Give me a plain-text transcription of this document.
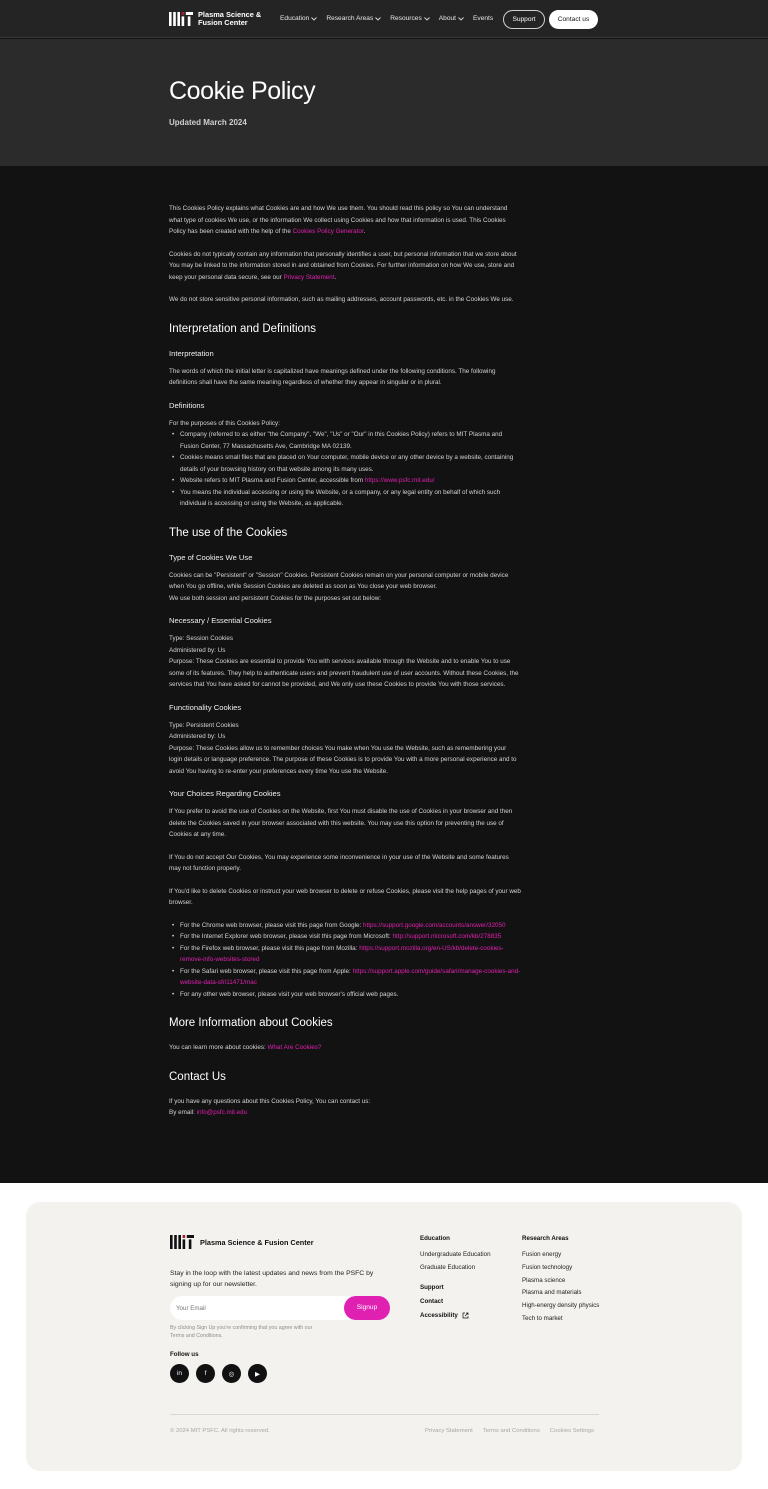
Plasma Science & Fusion Center	Education	Research Areas	Resources	About	Events	Support	Contact us
Cookie Policy
Updated March 2024

This Cookies Policy explains what Cookies are and how We use them. You should read this policy so You can understand what type of cookies We use, or the information We collect using Cookies and how that information is used. This Cookies Policy has been created with the help of the Cookies Policy Generator.

Cookies do not typically contain any information that personally identifies a user, but personal information that we store about You may be linked to the information stored in and obtained from Cookies. For further information on how We use, store and keep your personal data secure, see our Privacy Statement.

We do not store sensitive personal information, such as mailing addresses, account passwords, etc. in the Cookies We use.

Interpretation and Definitions
Interpretation

The words of which the initial letter is capitalized have meanings defined under the following conditions. The following definitions shall have the same meaning regardless of whether they appear in singular or in plural.

Definitions

For the purposes of this Cookies Policy:

• Company (referred to as either "the Company", "We", "Us" or "Our" in this Cookies Policy) refers to MIT Plasma and Fusion Center, 77 Massachusetts Ave, Cambridge MA 02139.
• Cookies means small files that are placed on Your computer, mobile device or any other device by a website, containing details of your browsing history on that website among its many uses.
• Website refers to MIT Plasma and Fusion Center, accessible from https://www.psfc.mit.edu/
• You means the individual accessing or using the Website, or a company, or any legal entity on behalf of which such individual is accessing or using the Website, as applicable.
The use of the Cookies
Type of Cookies We Use

Cookies can be "Persistent" or "Session" Cookies. Persistent Cookies remain on your personal computer or mobile device when You go offline, while Session Cookies are deleted as soon as You close your web browser.

We use both session and persistent Cookies for the purposes set out below:

Necessary / Essential Cookies

Type: Session Cookies

Administered by: Us

Purpose: These Cookies are essential to provide You with services available through the Website and to enable You to use some of its features. They help to authenticate users and prevent fraudulent use of user accounts. Without these Cookies, the services that You have asked for cannot be provided, and We only use these Cookies to provide You with those services.

Functionality Cookies

Type: Persistent Cookies

Administered by: Us

Purpose: These Cookies allow us to remember choices You make when You use the Website, such as remembering your login details or language preference. The purpose of these Cookies is to provide You with a more personal experience and to avoid You having to re-enter your preferences every time You use the Website.

Your Choices Regarding Cookies

If You prefer to avoid the use of Cookies on the Website, first You must disable the use of Cookies in your browser and then delete the Cookies saved in your browser associated with this website. You may use this option for preventing the use of Cookies at any time.

If You do not accept Our Cookies, You may experience some inconvenience in your use of the Website and some features may not function properly.

If You'd like to delete Cookies or instruct your web browser to delete or refuse Cookies, please visit the help pages of your web browser.

• For the Chrome web browser, please visit this page from Google: https://support.google.com/accounts/answer/32050
• For the Internet Explorer web browser, please visit this page from Microsoft: http://support.microsoft.com/kb/278835
• For the Firefox web browser, please visit this page from Mozilla: https://support.mozilla.org/en-US/kb/delete-cookies-remove-info-websites-stored
• For the Safari web browser, please visit this page from Apple: https://support.apple.com/guide/safari/manage-cookies-and-website-data-sfri11471/mac
• For any other web browser, please visit your web browser's official web pages.
More Information about Cookies

You can learn more about cookies: What Are Cookies?

Contact Us

If you have any questions about this Cookies Policy, You can contact us:

By email: info@psfc.mit.edu

Plasma Science & Fusion Center
Stay in the loop with the latest updates and news from the PSFC by signing up for our newsletter.
Your Email
Signup
By clicking Sign Up you're confirming that you agree with our Terms and Conditions.
Follow us
in	f	◎	▶
Education
Undergraduate Education
Graduate Education
Support
Contact
Accessibility
Research Areas
Fusion energy
Fusion technology
Plasma science
Plasma and materials
High-energy density physics
Tech to market
© 2024 MIT PSFC. All rights reserved.	Privacy Statement Terms and Conditions Cookies Settings
